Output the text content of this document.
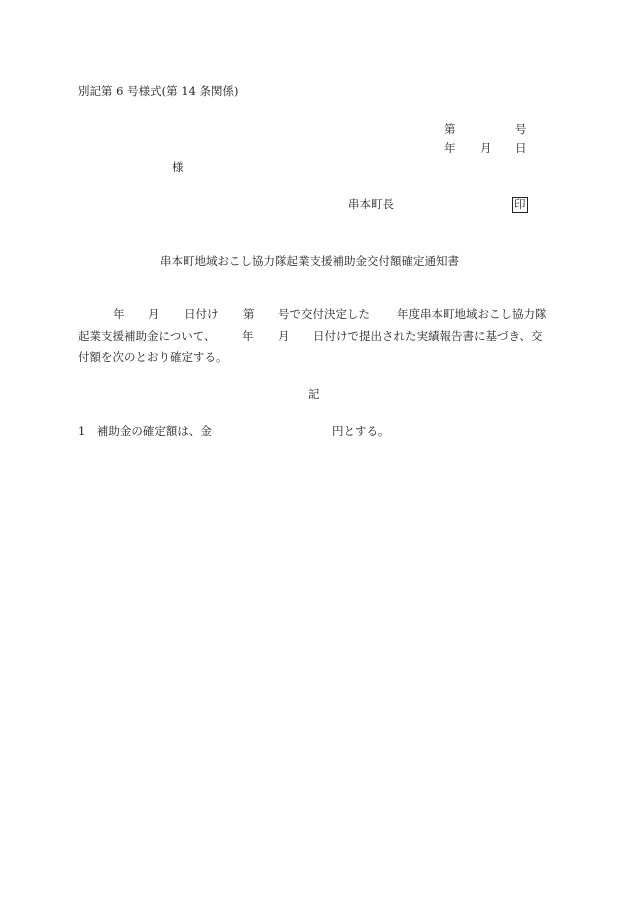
別記第 6 号様式(第 14 条関係)
第	号
年 月 日
様
串本町長	印
串本町地域おこし協力隊起業支援補助金交付額確定通知書
年 月 日付け 第 号で交付決定した 年度串本町地域おこし協力隊
起業支援補助金について、 年 月 日付けで提出された実績報告書に基づき、交
付額を次のとおり確定する。
記
1　補助金の確定額は、金	円とする。
